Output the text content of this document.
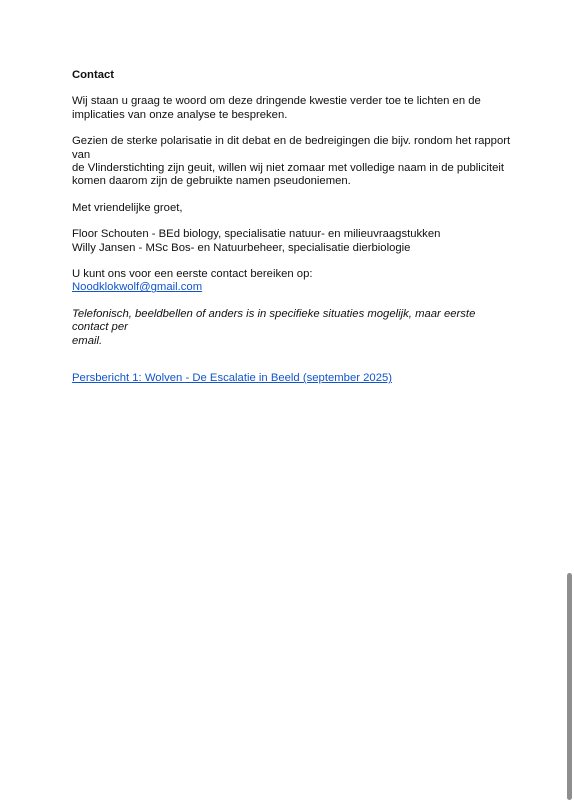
Contact

Wij staan u graag te woord om deze dringende kwestie verder toe te lichten en de
implicaties van onze analyse te bespreken.

Gezien de sterke polarisatie in dit debat en de bedreigingen die bijv. rondom het rapport van
de Vlinderstichting zijn geuit, willen wij niet zomaar met volledige naam in de publiciteit
komen daarom zijn de gebruikte namen pseudoniemen.

Met vriendelijke groet,

Floor Schouten - BEd biology, specialisatie natuur- en milieuvraagstukken
Willy Jansen - MSc Bos- en Natuurbeheer, specialisatie dierbiologie

U kunt ons voor een eerste contact bereiken op:
Noodklokwolf@gmail.com

Telefonisch, beeldbellen of anders is in specifieke situaties mogelijk, maar eerste contact per
email.

Persbericht 1: Wolven - De Escalatie in Beeld (september 2025)
